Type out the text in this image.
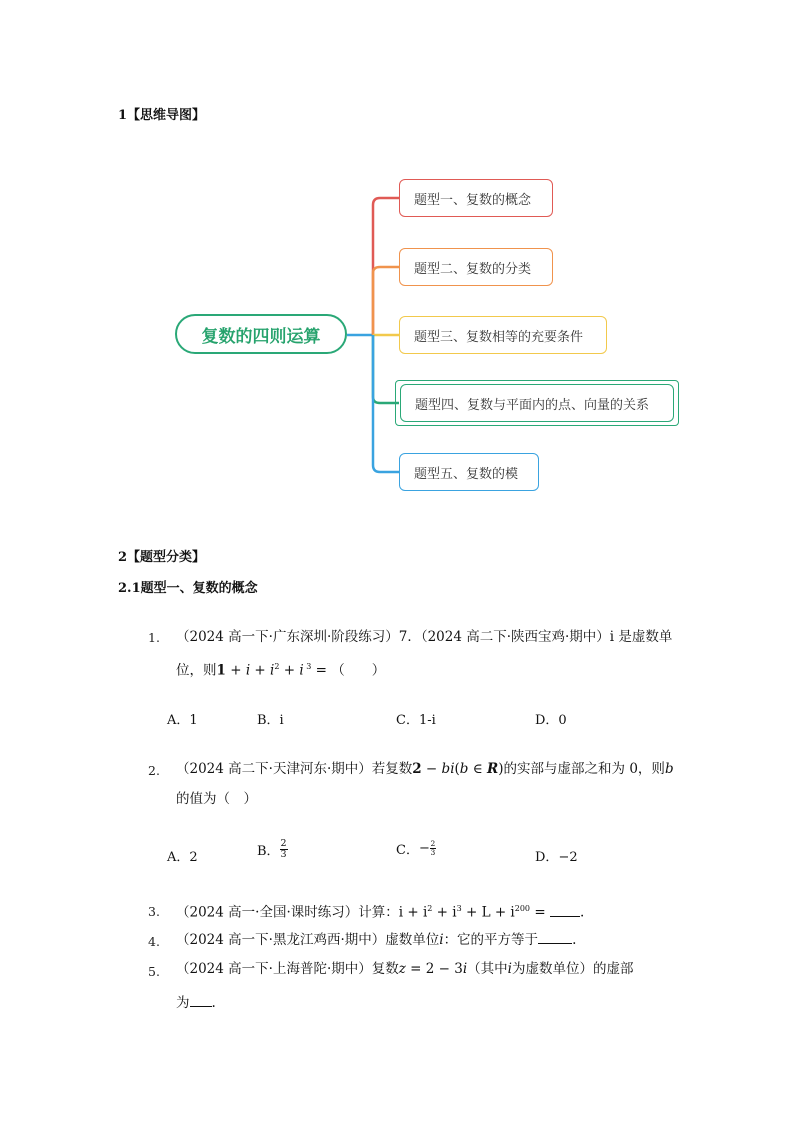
1【思维导图】
复数的四则运算
题型一、复数的概念
题型二、复数的分类
题型三、复数相等的充要条件
题型四、复数与平面内的点、向量的关系
题型五、复数的模
2【题型分类】
2.1题型一、复数的概念
1. （2024 高一下·广东深圳·阶段练习）7．（2024 高二下·陕西宝鸡·期中）i 是虚数单
位，则$1 + i + i^2 + i$ $^3$ = （　　）
A．1	B．i	C．1-i	D．0
2. （2024 高二下·天津河东·期中）若复数2 − bi(b ∈ R)的实部与虚部之和为 0，则b
的值为（　）
A．2	B． $\frac{2}{3}$	C．− $\frac{2}{3}$
D．−2
3. （2024 高一·全国·课时练习）计算：$i + i^2 + i^3 + L + i^{200}$ = .
4. （2024 高一下·黑龙江鸡西·期中）虚数单位i：它的平方等于	.
5. （2024 高一下·上海普陀·期中）复数z = 2 − 3i（其中i为虚数单位）的虚部
为 .
